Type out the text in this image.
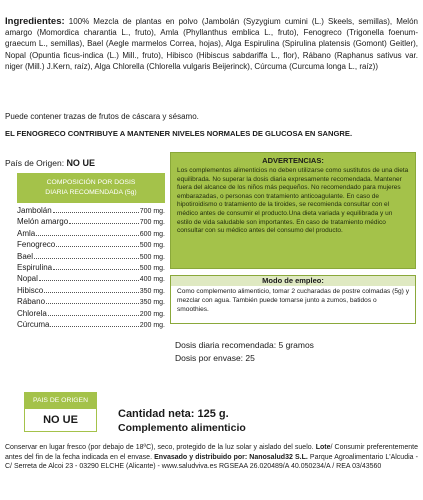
Ingredientes: 100% Mezcla de plantas en polvo (Jambolán (Syzygium cumini (L.) Skeels, semillas), Melón amargo (Momordica charantia L., fruto), Amla (Phyllanthus emblica L., fruto), Fenogreco (Trigonella foenum-graecum L., semillas), Bael (Aegle marmelos Correa, hojas), Alga Espirulina (Spirulina platensis (Gomont) Geitler), Nopal (Opuntia ficus-indica (L.) Mill., fruto), Hibisco (Hibiscus sabdariffa L., flor), Rábano (Raphanus sativus var. niger (Mill.) J.Kern, raíz), Alga Chlorella (Chlorella vulgaris Beijerinck), Cúrcuma (Curcuma longa L., raíz))
Puede contener trazas de frutos de cáscara y sésamo.
EL FENOGRECO CONTRIBUYE A MANTENER NIVELES NORMALES DE GLUCOSA EN SANGRE.
País de Origen: NO UE
COMPOSICIÓN POR DOSIS
DIARIA RECOMENDADA (5g)
Jambolán	700 mg.
Melón amargo	700 mg.
Amla	600 mg.
Fenogreco	500 mg.
Bael	500 mg.
Espirulina	500 mg.
Nopal	400 mg.
Hibisco	350 mg.
Rábano	350 mg.
Chlorela	200 mg.
Cúrcuma	200 mg.
ADVERTENCIAS:
Los complementos alimenticios no deben utilizarse como sustitutos de una dieta equilibrada. No superar la dosis diaria expresamente recomendada. Mantener fuera del alcance de los niños más pequeños. No recomendado para mujeres embarazadas, o personas con tratamiento anticoagulante. En caso de hipotiroidismo o tratamiento de la tiroides, se recomienda consultar con el médico antes de consumir el producto.Una dieta variada y equilibrada y un estilo de vida saludable son importantes. En caso de tratamiento médico consultar con su médico antes del consumo del producto.
Modo de empleo:
Como complemento alimenticio, tomar 2 cucharadas de postre colmadas (5g) y mezclar con agua. También puede tomarse junto a zumos, batidos o smoothies.
Dosis diaria recomendada: 5 gramos
Dosis por envase: 25
PAIS DE ORIGEN
NO UE	Cantidad neta: 125 g.
Complemento alimenticio
Conservar en lugar fresco (por debajo de 18ºC), seco, protegido de la luz solar y aislado del suelo. Lote/ Consumir preferentemente antes del fin de la fecha indicada en el envase. Envasado y distribuido por: Nanosalud32 S.L. Parque Agroalimentario L'Alcudia - C/ Serreta de Alcoi 23 - 03290 ELCHE (Alicante) - www.saludviva.es RGSEAA 26.020489/A 40.050234/A / REA 03/43560
